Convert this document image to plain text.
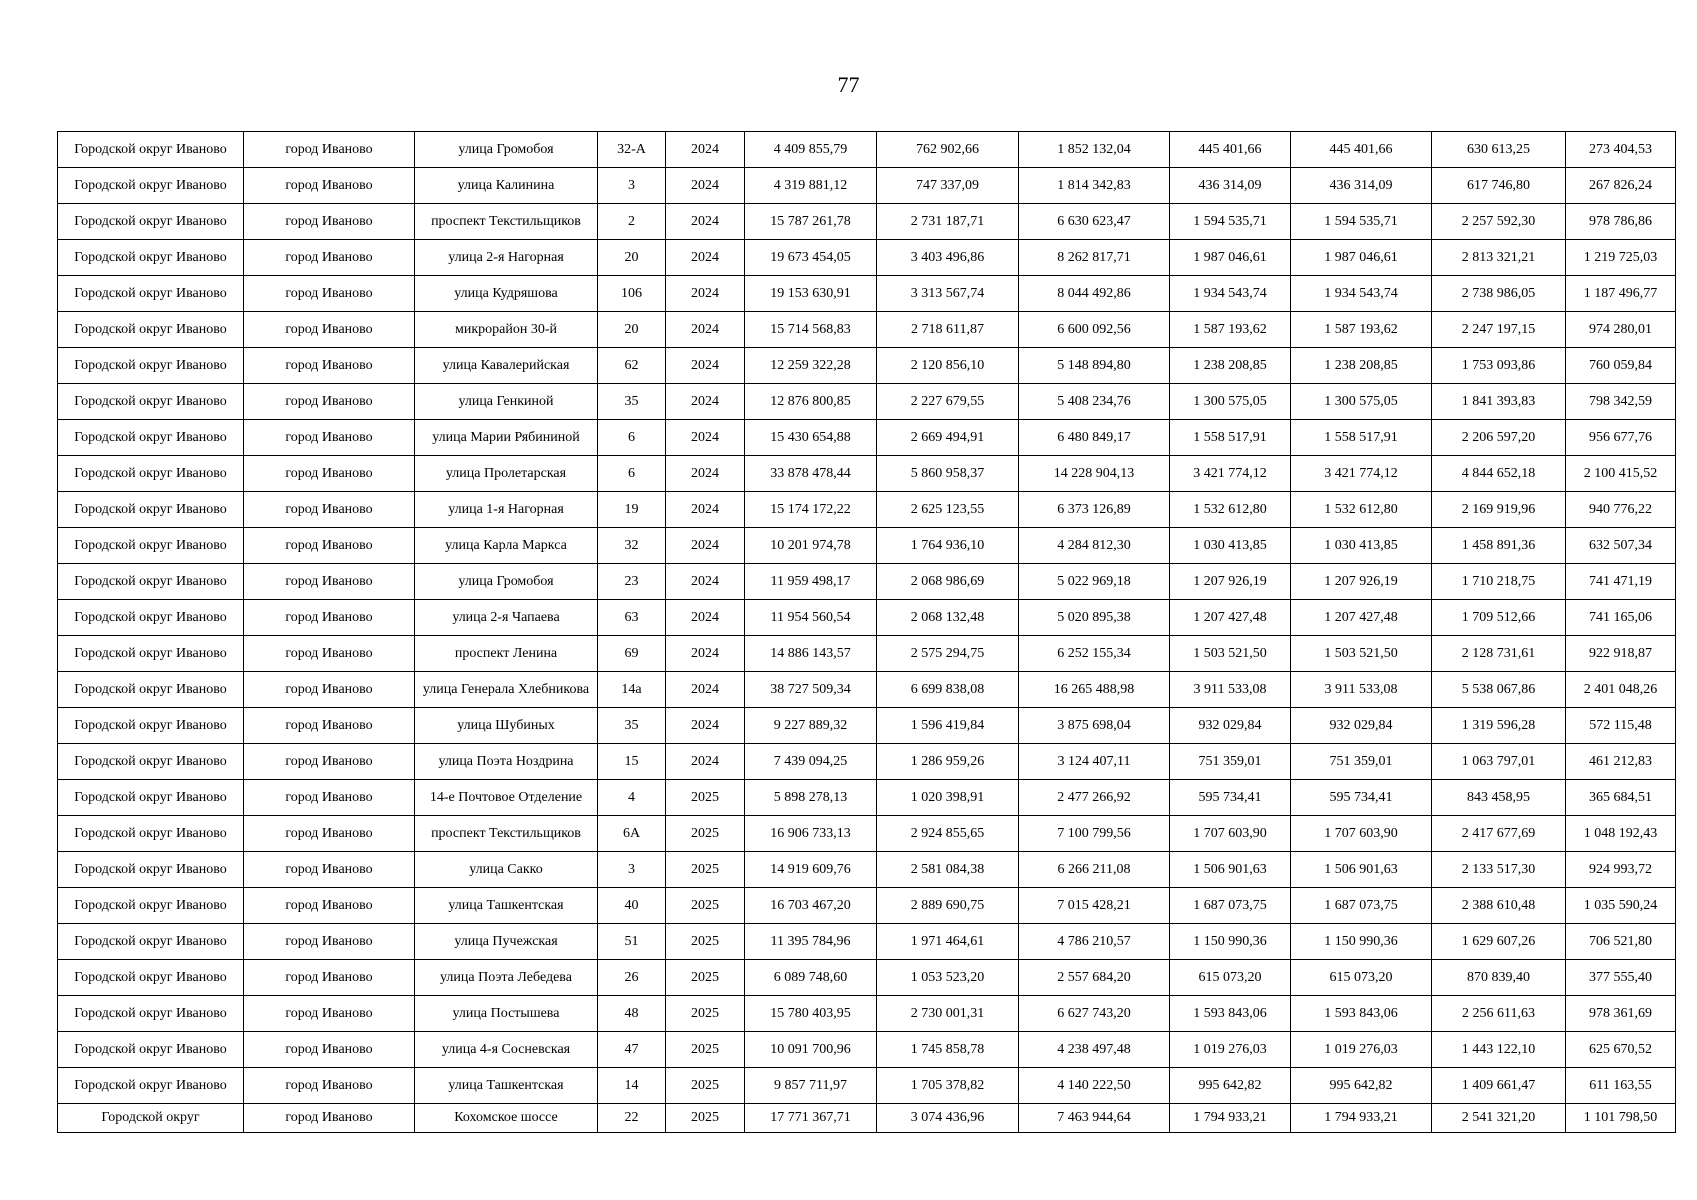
77
Городской округ Иваново	город Иваново	улица Громобоя	32-А	2024	4 409 855,79	762 902,66	1 852 132,04	445 401,66	445 401,66	630 613,25	273 404,53
Городской округ Иваново	город Иваново	улица Калинина	3	2024	4 319 881,12	747 337,09	1 814 342,83	436 314,09	436 314,09	617 746,80	267 826,24
Городской округ Иваново	город Иваново	проспект Текстильщиков	2	2024	15 787 261,78	2 731 187,71	6 630 623,47	1 594 535,71	1 594 535,71	2 257 592,30	978 786,86
Городской округ Иваново	город Иваново	улица 2-я Нагорная	20	2024	19 673 454,05	3 403 496,86	8 262 817,71	1 987 046,61	1 987 046,61	2 813 321,21	1 219 725,03
Городской округ Иваново	город Иваново	улица Кудряшова	106	2024	19 153 630,91	3 313 567,74	8 044 492,86	1 934 543,74	1 934 543,74	2 738 986,05	1 187 496,77
Городской округ Иваново	город Иваново	микрорайон 30-й	20	2024	15 714 568,83	2 718 611,87	6 600 092,56	1 587 193,62	1 587 193,62	2 247 197,15	974 280,01
Городской округ Иваново	город Иваново	улица Кавалерийская	62	2024	12 259 322,28	2 120 856,10	5 148 894,80	1 238 208,85	1 238 208,85	1 753 093,86	760 059,84
Городской округ Иваново	город Иваново	улица Генкиной	35	2024	12 876 800,85	2 227 679,55	5 408 234,76	1 300 575,05	1 300 575,05	1 841 393,83	798 342,59
Городской округ Иваново	город Иваново	улица Марии Рябининой	6	2024	15 430 654,88	2 669 494,91	6 480 849,17	1 558 517,91	1 558 517,91	2 206 597,20	956 677,76
Городской округ Иваново	город Иваново	улица Пролетарская	6	2024	33 878 478,44	5 860 958,37	14 228 904,13	3 421 774,12	3 421 774,12	4 844 652,18	2 100 415,52
Городской округ Иваново	город Иваново	улица 1-я Нагорная	19	2024	15 174 172,22	2 625 123,55	6 373 126,89	1 532 612,80	1 532 612,80	2 169 919,96	940 776,22
Городской округ Иваново	город Иваново	улица Карла Маркса	32	2024	10 201 974,78	1 764 936,10	4 284 812,30	1 030 413,85	1 030 413,85	1 458 891,36	632 507,34
Городской округ Иваново	город Иваново	улица Громобоя	23	2024	11 959 498,17	2 068 986,69	5 022 969,18	1 207 926,19	1 207 926,19	1 710 218,75	741 471,19
Городской округ Иваново	город Иваново	улица 2-я Чапаева	63	2024	11 954 560,54	2 068 132,48	5 020 895,38	1 207 427,48	1 207 427,48	1 709 512,66	741 165,06
Городской округ Иваново	город Иваново	проспект Ленина	69	2024	14 886 143,57	2 575 294,75	6 252 155,34	1 503 521,50	1 503 521,50	2 128 731,61	922 918,87
Городской округ Иваново	город Иваново	улица Генерала Хлебникова	14а	2024	38 727 509,34	6 699 838,08	16 265 488,98	3 911 533,08	3 911 533,08	5 538 067,86	2 401 048,26
Городской округ Иваново	город Иваново	улица Шубиных	35	2024	9 227 889,32	1 596 419,84	3 875 698,04	932 029,84	932 029,84	1 319 596,28	572 115,48
Городской округ Иваново	город Иваново	улица Поэта Ноздрина	15	2024	7 439 094,25	1 286 959,26	3 124 407,11	751 359,01	751 359,01	1 063 797,01	461 212,83
Городской округ Иваново	город Иваново	14-е Почтовое Отделение	4	2025	5 898 278,13	1 020 398,91	2 477 266,92	595 734,41	595 734,41	843 458,95	365 684,51
Городской округ Иваново	город Иваново	проспект Текстильщиков	6А	2025	16 906 733,13	2 924 855,65	7 100 799,56	1 707 603,90	1 707 603,90	2 417 677,69	1 048 192,43
Городской округ Иваново	город Иваново	улица Сакко	3	2025	14 919 609,76	2 581 084,38	6 266 211,08	1 506 901,63	1 506 901,63	2 133 517,30	924 993,72
Городской округ Иваново	город Иваново	улица Ташкентская	40	2025	16 703 467,20	2 889 690,75	7 015 428,21	1 687 073,75	1 687 073,75	2 388 610,48	1 035 590,24
Городской округ Иваново	город Иваново	улица Пучежская	51	2025	11 395 784,96	1 971 464,61	4 786 210,57	1 150 990,36	1 150 990,36	1 629 607,26	706 521,80
Городской округ Иваново	город Иваново	улица Поэта Лебедева	26	2025	6 089 748,60	1 053 523,20	2 557 684,20	615 073,20	615 073,20	870 839,40	377 555,40
Городской округ Иваново	город Иваново	улица Постышева	48	2025	15 780 403,95	2 730 001,31	6 627 743,20	1 593 843,06	1 593 843,06	2 256 611,63	978 361,69
Городской округ Иваново	город Иваново	улица 4-я Сосневская	47	2025	10 091 700,96	1 745 858,78	4 238 497,48	1 019 276,03	1 019 276,03	1 443 122,10	625 670,52
Городской округ Иваново	город Иваново	улица Ташкентская	14	2025	9 857 711,97	1 705 378,82	4 140 222,50	995 642,82	995 642,82	1 409 661,47	611 163,55
Городской округ	город Иваново	Кохомское шоссе	22	2025	17 771 367,71	3 074 436,96	7 463 944,64	1 794 933,21	1 794 933,21	2 541 321,20	1 101 798,50
